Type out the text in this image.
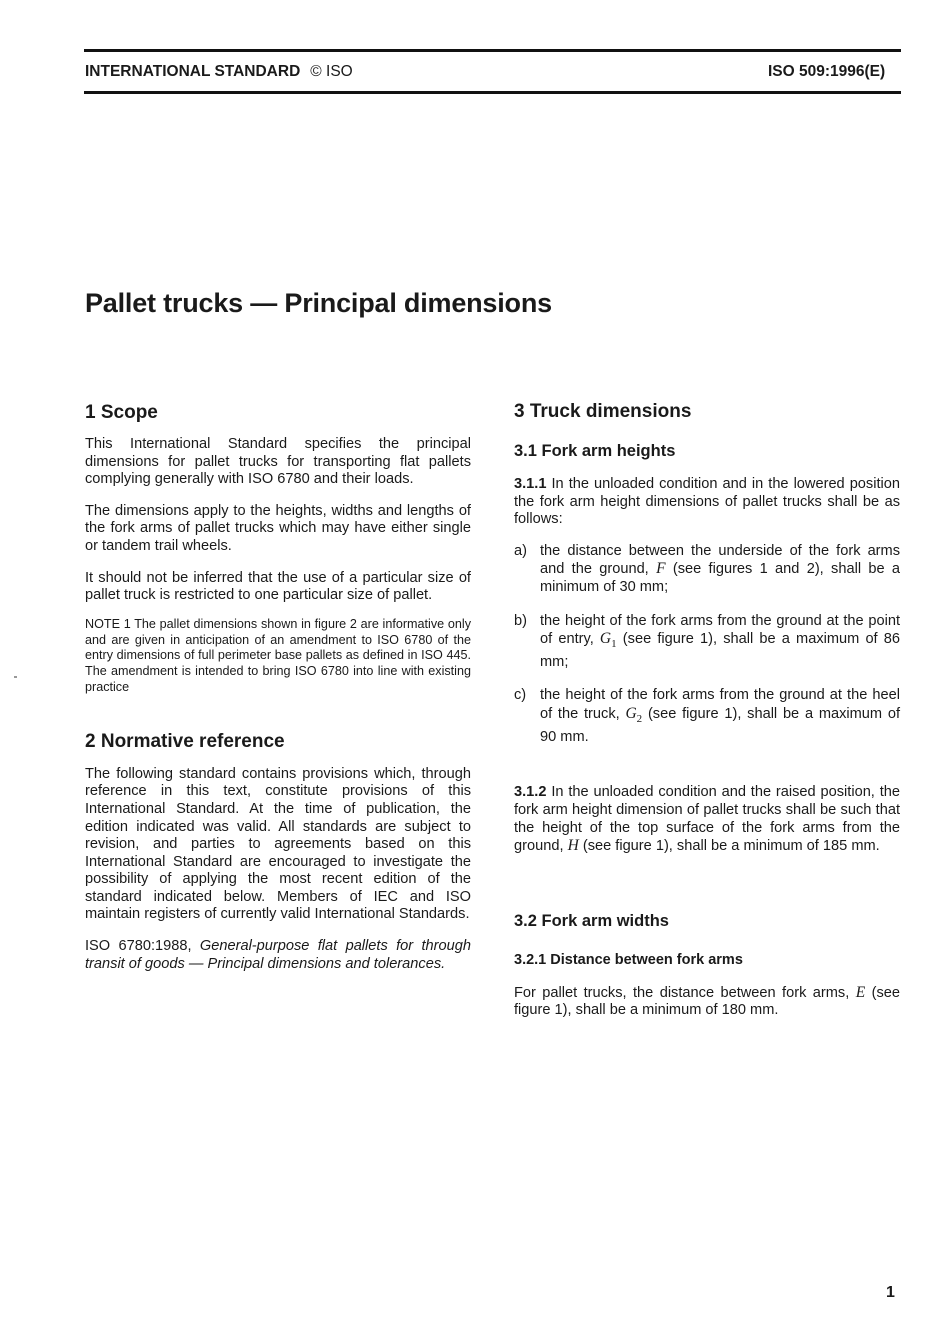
INTERNATIONAL STANDARD © ISO	ISO 509:1996(E)
Pallet trucks — Principal dimensions
1 Scope

This International Standard specifies the principal dimensions for pallet trucks for transporting flat pallets complying generally with ISO 6780 and their loads.

The dimensions apply to the heights, widths and lengths of the fork arms of pallet trucks which may have either single or tandem trail wheels.

It should not be inferred that the use of a particular size of pallet truck is restricted to one particular size of pallet.

NOTE 1 The pallet dimensions shown in figure 2 are informative only and are given in anticipation of an amendment to ISO 6780 of the entry dimensions of full perimeter base pallets as defined in ISO 445. The amendment is intended to bring ISO 6780 into line with existing practice

2 Normative reference

The following standard contains provisions which, through reference in this text, constitute provisions of this International Standard. At the time of publication, the edition indicated was valid. All standards are subject to revision, and parties to agreements based on this International Standard are encouraged to investigate the possibility of applying the most recent edition of the standard indicated below. Members of IEC and ISO maintain registers of currently valid International Standards.

ISO 6780:1988, General-purpose flat pallets for through transit of goods — Principal dimensions and tolerances.

3 Truck dimensions
3.1 Fork arm heights

3.1.1 In the unloaded condition and in the lowered position the fork arm height dimensions of pallet trucks shall be as follows:

a) the distance between the underside of the fork arms and the ground, F (see figures 1 and 2), shall be a minimum of 30 mm;
b) the height of the fork arms from the ground at the point of entry, $G_1$ (see figure 1), shall be a maximum of 86 mm;
c) the height of the fork arms from the ground at the heel of the truck, $G_2$ (see figure 1), shall be a maximum of 90 mm.

3.1.2 In the unloaded condition and the raised position, the fork arm height dimension of pallet trucks shall be such that the height of the top surface of the fork arms from the ground, H (see figure 1), shall be a minimum of 185 mm.

3.2 Fork arm widths
3.2.1 Distance between fork arms

For pallet trucks, the distance between fork arms, E (see figure 1), shall be a minimum of 180 mm.

1
